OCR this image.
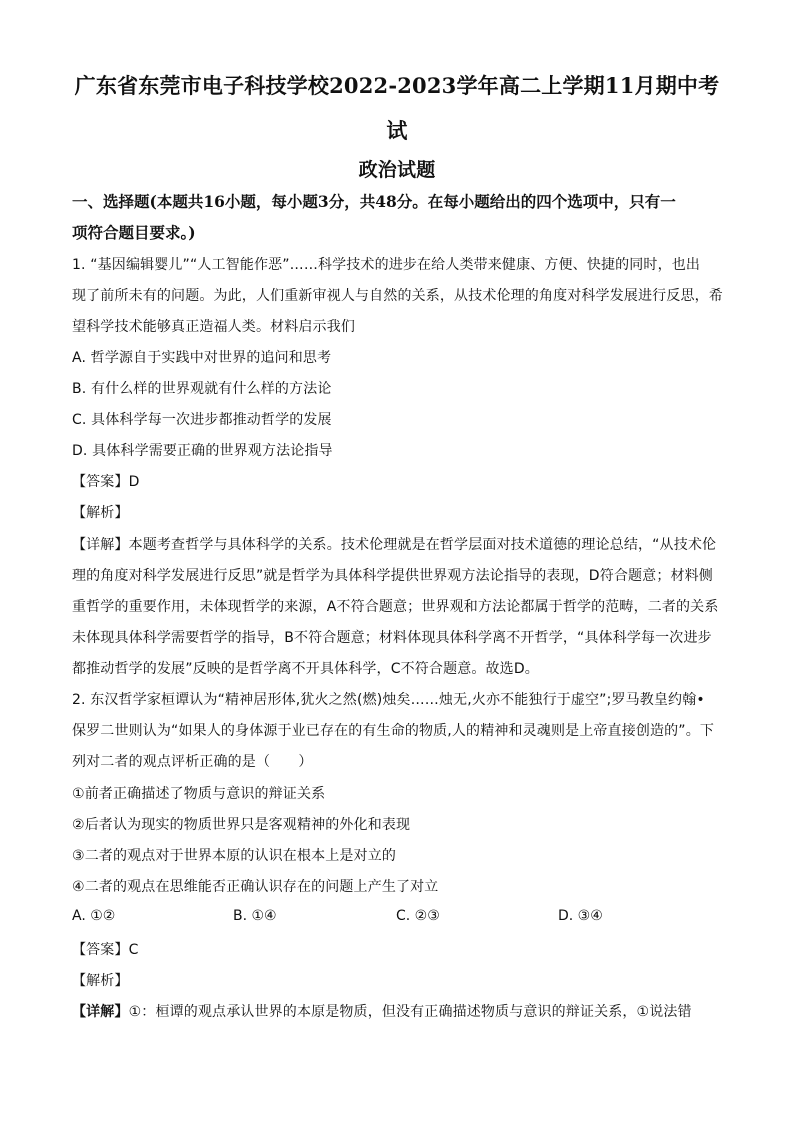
广东省东莞市电子科技学校2022-2023学年高二上学期11月期中考
试
政治试题
一、选择题(本题共16小题，每小题3分，共48分。在每小题给出的四个选项中，只有一
项符合题目要求。)
1. “基因编辑婴儿”“人工智能作恶”……科学技术的进步在给人类带来健康、方便、快捷的同时，也出
现了前所未有的问题。为此，人们重新审视人与自然的关系，从技术伦理的角度对科学发展进行反思，希
望科学技术能够真正造福人类。材料启示我们
A. 哲学源自于实践中对世界的追问和思考
B. 有什么样的世界观就有什么样的方法论
C. 具体科学每一次进步都推动哲学的发展
D. 具体科学需要正确的世界观方法论指导
【答案】D
【解析】
【详解】本题考查哲学与具体科学的关系。技术伦理就是在哲学层面对技术道德的理论总结，“从技术伦
理的角度对科学发展进行反思”就是哲学为具体科学提供世界观方法论指导的表现，D符合题意；材料侧
重哲学的重要作用，未体现哲学的来源，A不符合题意；世界观和方法论都属于哲学的范畴，二者的关系
未体现具体科学需要哲学的指导，B不符合题意；材料体现具体科学离不开哲学，“具体科学每一次进步
都推动哲学的发展”反映的是哲学离不开具体科学，C不符合题意。故选D。
2. 东汉哲学家桓谭认为“精神居形体,犹火之然(燃)烛矣……烛无,火亦不能独行于虚空”;罗马教皇约翰•
保罗二世则认为“如果人的身体源于业已存在的有生命的物质,人的精神和灵魂则是上帝直接创造的”。下
列对二者的观点评析正确的是（　　）
①前者正确描述了物质与意识的辩证关系
②后者认为现实的物质世界只是客观精神的外化和表现
③二者的观点对于世界本原的认识在根本上是对立的
④二者的观点在思维能否正确认识存在的问题上产生了对立
A. ①②	B. ①④	C. ②③	D. ③④
【答案】C
【解析】
【详解】①：桓谭的观点承认世界的本原是物质，但没有正确描述物质与意识的辩证关系，①说法错
